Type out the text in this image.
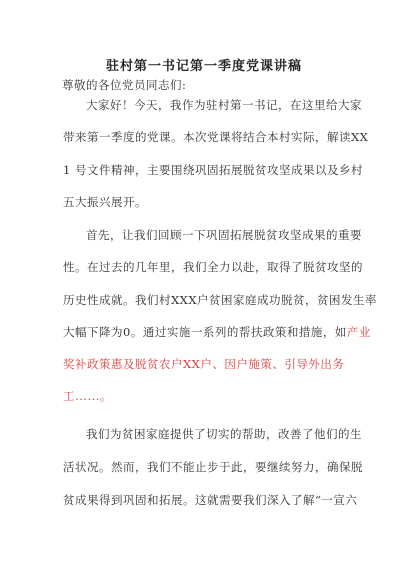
驻村第一书记第一季度党课讲稿
尊敬的各位党员同志们:
大家好！今天，我作为驻村第一书记，在这里给大家
带来第一季度的党课。本次党课将结合本村实际，解读XX
1 号文件精神，主要围绕巩固拓展脱贫攻坚成果以及乡村
五大振兴展开。
首先，让我们回顾一下巩固拓展脱贫攻坚成果的重要
性。在过去的几年里，我们全力以赴，取得了脱贫攻坚的
历史性成就。我们村XXX户贫困家庭成功脱贫，贫困发生率
大幅下降为0。通过实施一系列的帮扶政策和措施，如产业
奖补政策惠及脱贫农户XX户、因户施策、引导外出务
工......。
我们为贫困家庭提供了切实的帮助，改善了他们的生
活状况。然而，我们不能止步于此，要继续努力，确保脱
贫成果得到巩固和拓展。这就需要我们深入了解“一宣六
